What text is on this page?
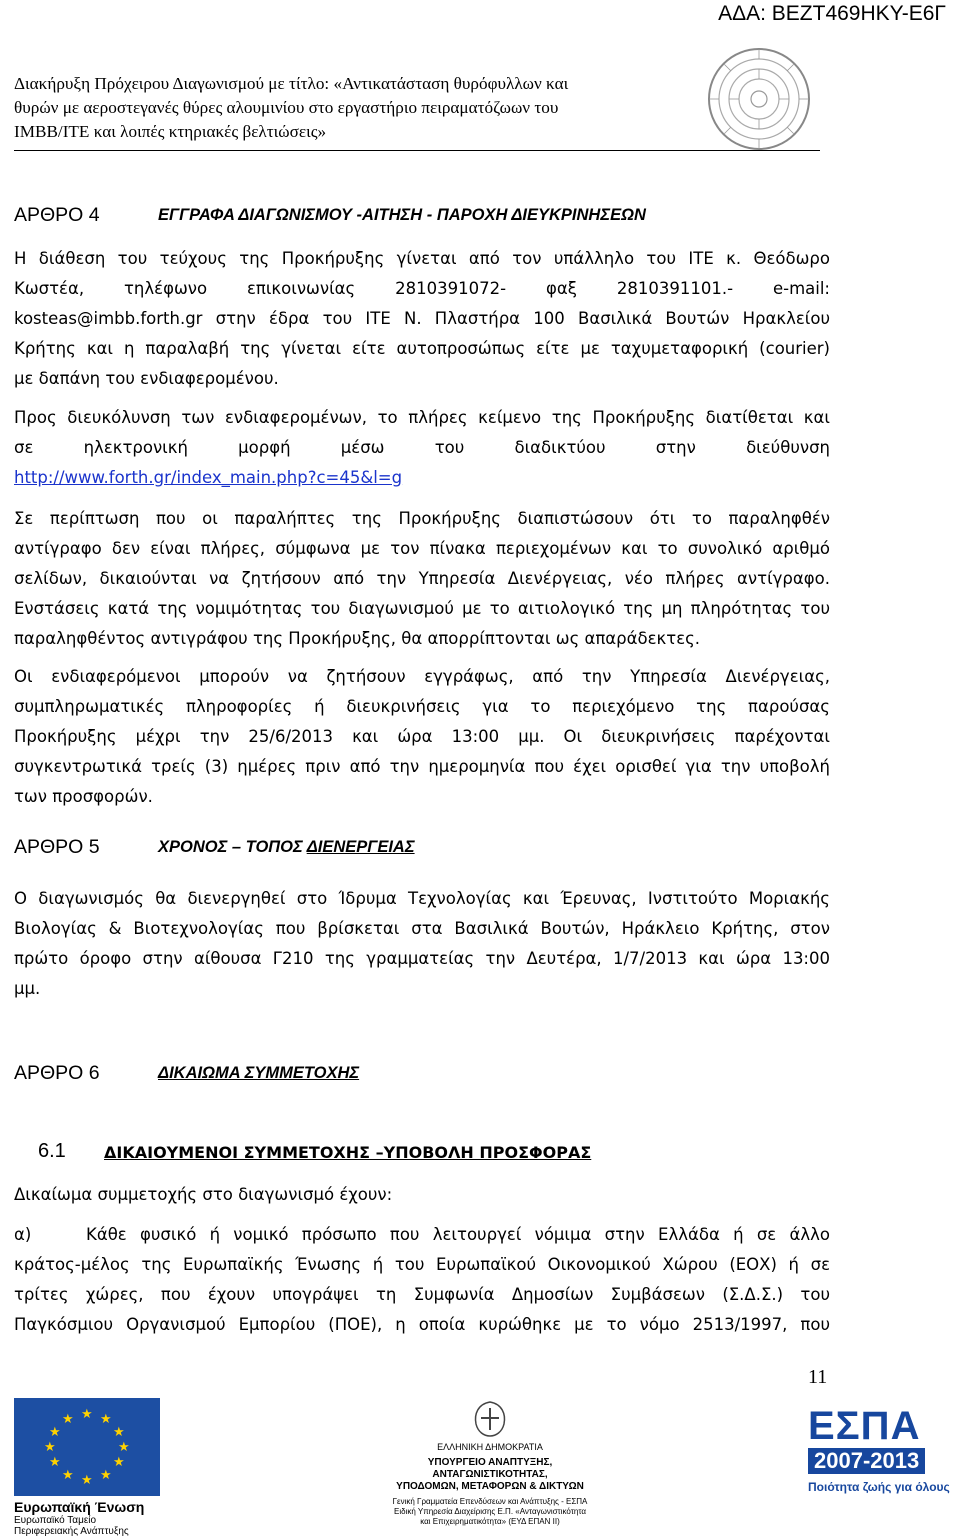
ΑΔΑ: ΒΕΖΤ469ΗΚΥ-Ε6Γ
Διακήρυξη Πρόχειρου Διαγωνισμού με τίτλο: «Αντικατάσταση θυρόφυλλων και
θυρών με αεροστεγανές θύρες αλουμινίου στο εργαστήριο πειραματόζωων του
ΙΜΒΒ/ΙΤΕ και λοιπές κτηριακές βελτιώσεις»
ΑΡΘΡΟ 4	ΕΓΓΡΑΦΑ ΔΙΑΓΩΝΙΣΜΟΥ -ΑΙΤΗΣΗ - ΠΑΡΟΧΗ ΔΙΕΥΚΡΙΝΗΣΕΩΝ
Η διάθεση του τεύχους της Προκήρυξης γίνεται από τον υπάλληλο του ΙΤΕ κ. Θεόδωρο
Κωστέα, τηλέφωνο επικοινωνίας 2810391072- φαξ 2810391101.- e-mail:
kosteas@imbb.forth.gr στην έδρα του ΙΤΕ Ν. Πλαστήρα 100 Βασιλικά Βουτών Ηρακλείου
Κρήτης και η παραλαβή της γίνεται είτε αυτοπροσώπως είτε με ταχυμεταφορική (courier)
με δαπάνη του ενδιαφερομένου.
Προς διευκόλυνση των ενδιαφερομένων, το πλήρες κείμενο της Προκήρυξης διατίθεται και
σε ηλεκτρονική μορφή μέσω του διαδικτύου στην διεύθυνση
http://www.forth.gr/index_main.php?c=45&l=g
Σε περίπτωση που οι παραλήπτες της Προκήρυξης διαπιστώσουν ότι το παραληφθέν
αντίγραφο δεν είναι πλήρες, σύμφωνα με τον πίνακα περιεχομένων και το συνολικό αριθμό
σελίδων, δικαιούνται να ζητήσουν από την Υπηρεσία Διενέργειας, νέο πλήρες αντίγραφο.
Ενστάσεις κατά της νομιμότητας του διαγωνισμού με το αιτιολογικό της μη πληρότητας του
παραληφθέντος αντιγράφου της Προκήρυξης, θα απορρίπτονται ως απαράδεκτες.
Οι ενδιαφερόμενοι μπορούν να ζητήσουν εγγράφως, από την Υπηρεσία Διενέργειας,
συμπληρωματικές πληροφορίες ή διευκρινήσεις για το περιεχόμενο της παρούσας
Προκήρυξης μέχρι την 25/6/2013 και ώρα 13:00 μμ. Οι διευκρινήσεις παρέχονται
συγκεντρωτικά τρείς (3) ημέρες πριν από την ημερομηνία που έχει ορισθεί για την υποβολή
των προσφορών.
ΑΡΘΡΟ 5	ΧΡΟΝΟΣ – ΤΟΠΟΣ ΔΙΕΝΕΡΓΕΙΑΣ
Ο διαγωνισμός θα διενεργηθεί στο Ίδρυμα Τεχνολογίας και Έρευνας, Ινστιτούτο Μοριακής
Βιολογίας & Βιοτεχνολογίας που βρίσκεται στα Βασιλικά Βουτών, Ηράκλειο Κρήτης, στον
πρώτο όροφο στην αίθουσα Γ210 της γραμματείας την Δευτέρα, 1/7/2013 και ώρα 13:00
μμ.
ΑΡΘΡΟ 6	ΔΙΚΑΙΩΜΑ ΣΥΜΜΕΤΟΧΗΣ
6.1 ΔΙΚΑΙΟΥΜΕΝΟΙ ΣΥΜΜΕΤΟΧΗΣ –ΥΠΟΒΟΛΗ ΠΡΟΣΦΟΡΑΣ
Δικαίωμα συμμετοχής στο διαγωνισμό έχουν:
α)	Κάθε φυσικό ή νομικό πρόσωπο που λειτουργεί νόμιμα στην Ελλάδα ή σε άλλο
κράτος-μέλος της Ευρωπαϊκής Ένωσης ή του Ευρωπαϊκού Οικονομικού Χώρου (ΕΟΧ) ή σε
τρίτες χώρες, που έχουν υπογράψει τη Συμφωνία Δημοσίων Συμβάσεων (Σ.Δ.Σ.) του
Παγκόσμιου Οργανισμού Εμπορίου (ΠΟΕ), η οποία κυρώθηκε με το νόμο 2513/1997, που
11
★ ★
★
★
★
★
★
★
★
★
★
★
Ευρωπαϊκή Ένωση
Ευρωπαϊκό Ταμείο
Περιφερειακής Ανάπτυξης
ΕΛΛΗΝΙΚΗ ΔΗΜΟΚΡΑΤΙΑ
ΥΠΟΥΡΓΕΙΟ ΑΝΑΠΤΥΞΗΣ, ΑΝΤΑΓΩΝΙΣΤΙΚΟΤΗΤΑΣ,
ΥΠΟΔΟΜΩΝ, ΜΕΤΑΦΟΡΩΝ & ΔΙΚΤΥΩΝ
Γενική Γραμματεία Επενδύσεων και Ανάπτυξης - ΕΣΠΑ
Ειδική Υπηρεσία Διαχείρισης Ε.Π. «Ανταγωνιστικότητα
και Επιχειρηματικότητα» (ΕΥΔ ΕΠΑΝ ΙΙ)
ΕΣΠΑ
2007-2013
Ποιότητα ζωής για όλους
